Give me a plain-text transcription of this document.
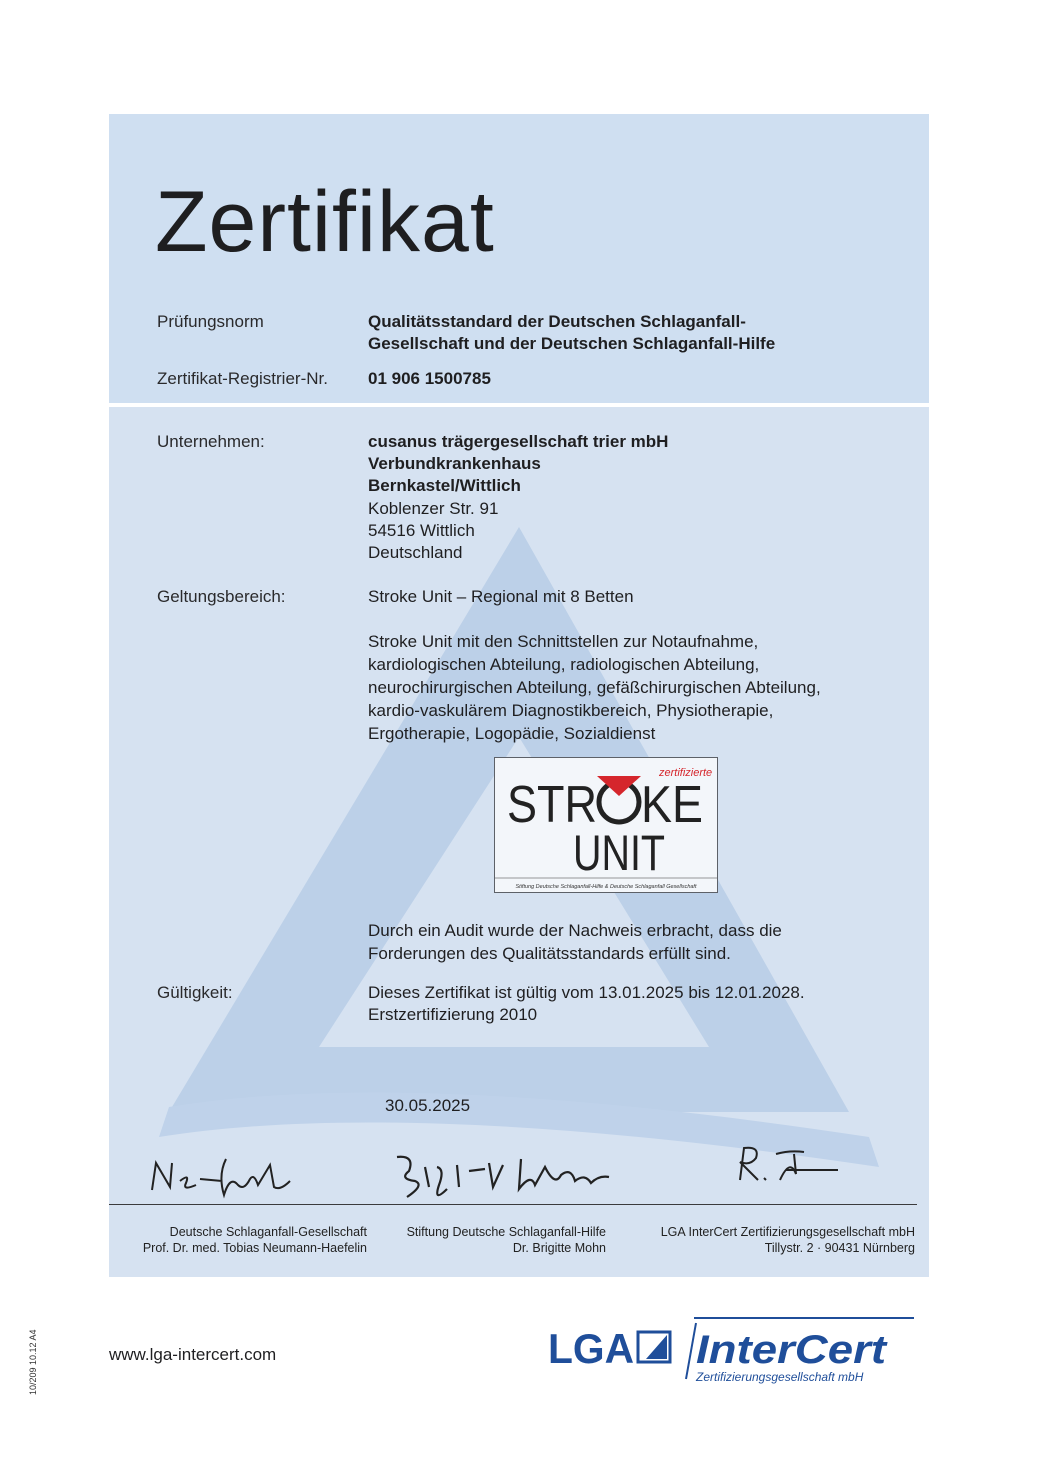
Zertifikat
Prüfungsnorm	Qualitätsstandard der Deutschen Schlaganfall-
Gesellschaft und der Deutschen Schlaganfall-Hilfe
Zertifikat-Registrier-Nr. 01 906 1500785
Unternehmen:	cusanus trägergesellschaft trier mbH
Verbundkrankenhaus
Bernkastel/Wittlich
Koblenzer Str. 91
54516 Wittlich
Deutschland
Geltungsbereich:	Stroke Unit – Regional mit 8 Betten
Stroke Unit mit den Schnittstellen zur Notaufnahme,
kardiologischen Abteilung, radiologischen Abteilung,
neurochirurgischen Abteilung, gefäßchirurgischen Abteilung,
kardio-vaskulärem Diagnostikbereich, Physiotherapie,
Ergotherapie, Logopädie, Sozialdienst
zertifizierte
STR KE
UNIT
Stiftung Deutsche Schlaganfall-Hilfe & Deutsche Schlaganfall Gesellschaft
Durch ein Audit wurde der Nachweis erbracht, dass die
Forderungen des Qualitätsstandards erfüllt sind.
Gültigkeit:	Dieses Zertifikat ist gültig vom 13.01.2025 bis 12.01.2028.
Erstzertifizierung 2010
30.05.2025
Deutsche Schlaganfall-Gesellschaft
Prof. Dr. med. Tobias Neumann-Haefelin
Stiftung Deutsche Schlaganfall-Hilfe
Dr. Brigitte Mohn
LGA InterCert Zertifizierungsgesellschaft mbH
Tillystr. 2 · 90431 Nürnberg
www.lga-intercert.com	LGA InterCert
Zertifizierungsgesellschaft mbH
10/209 10.12 A4
